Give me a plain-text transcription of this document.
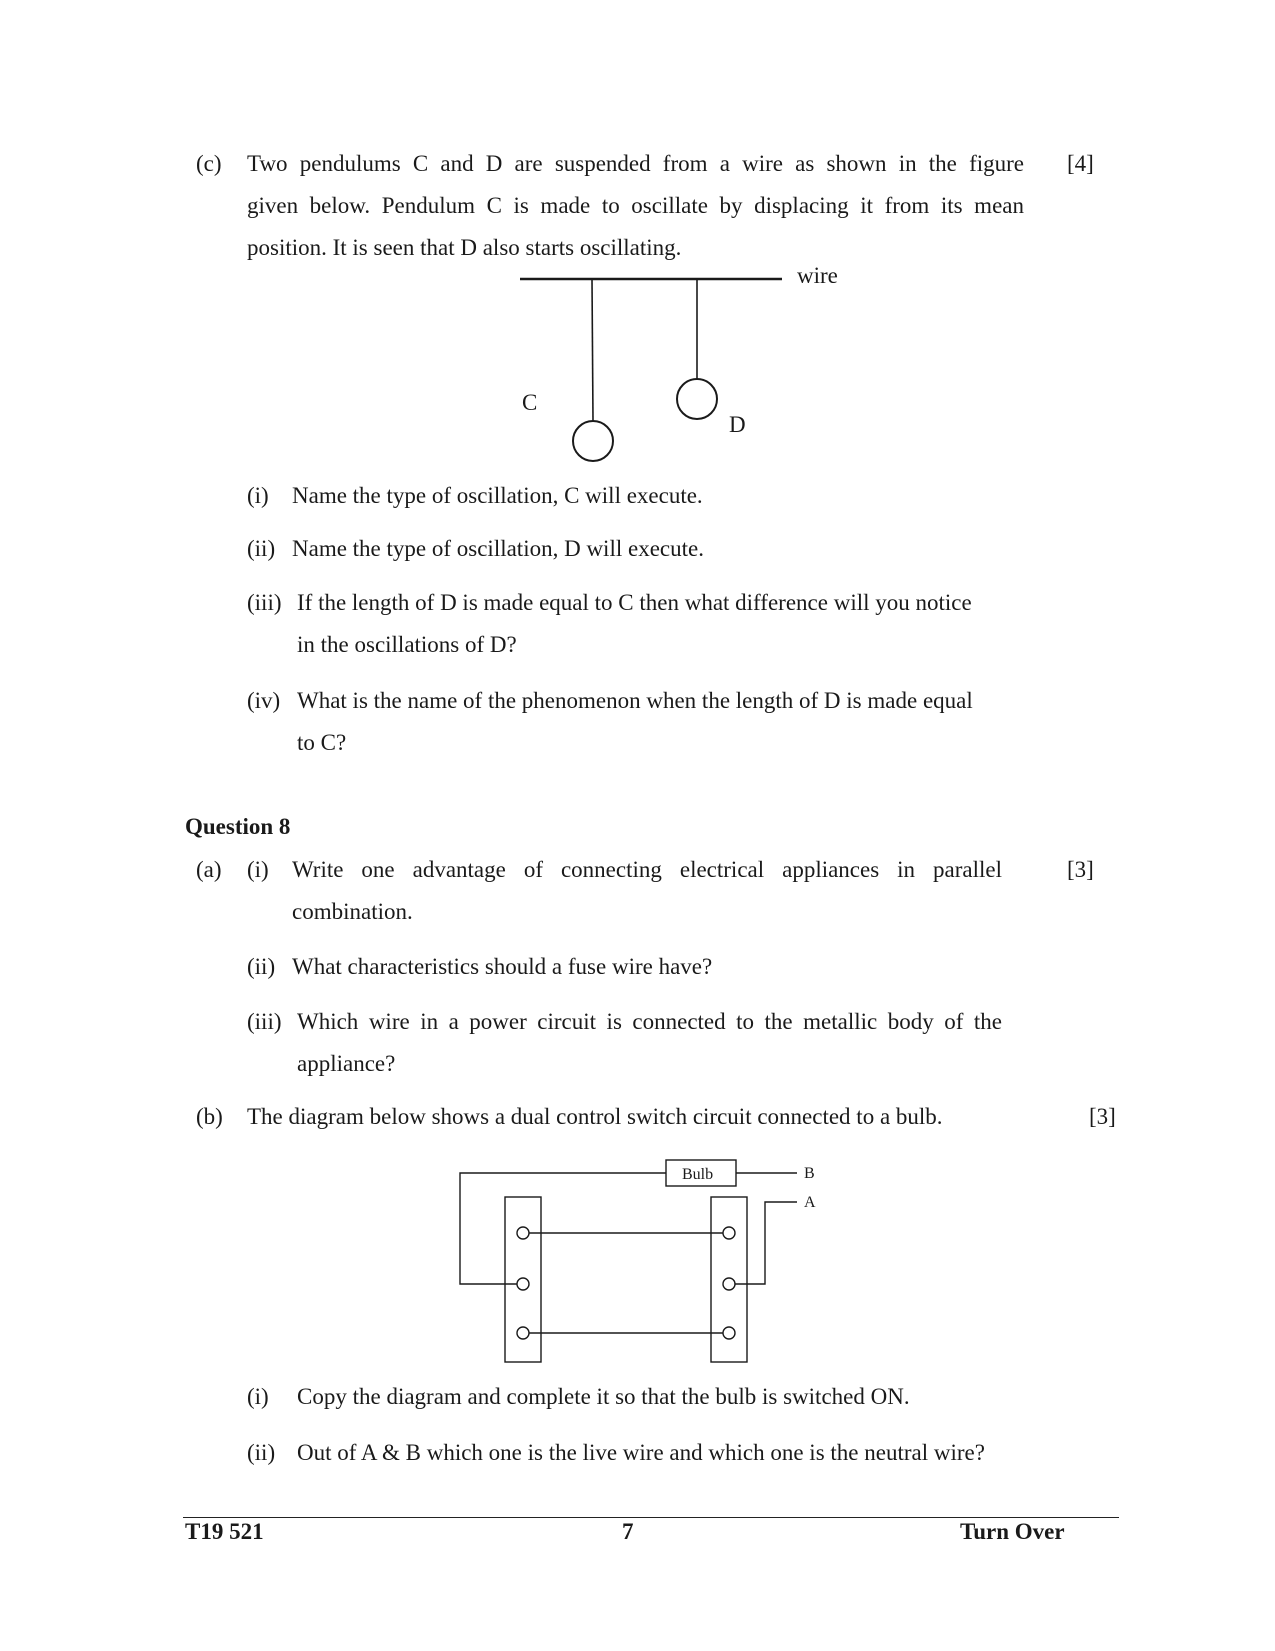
(c)	[4]
Two pendulums C and D are suspended from a wire as shown in the figure
given below. Pendulum C is made to oscillate by displacing it from its mean
position. It is seen that D also starts oscillating.
wire
C
D
(i) Name the type of oscillation, C will execute.
(ii) Name the type of oscillation, D will execute.
(iii) If the length of D is made equal to C then what difference will you notice
in the oscillations of D?
(iv) What is the name of the phenomenon when the length of D is made equal
to C?
Question 8
(a) (i) Write one advantage of connecting electrical appliances in parallel	[3]
combination.
(ii) What characteristics should a fuse wire have?
(iii) Which wire in a power circuit is connected to the metallic body of the
appliance?
(b) The diagram below shows a dual control switch circuit connected to a bulb.	[3]
Bulb	B
A
(i) Copy the diagram and complete it so that the bulb is switched ON.
(ii) Out of A & B which one is the live wire and which one is the neutral wire?
T19 521	7	Turn Over
